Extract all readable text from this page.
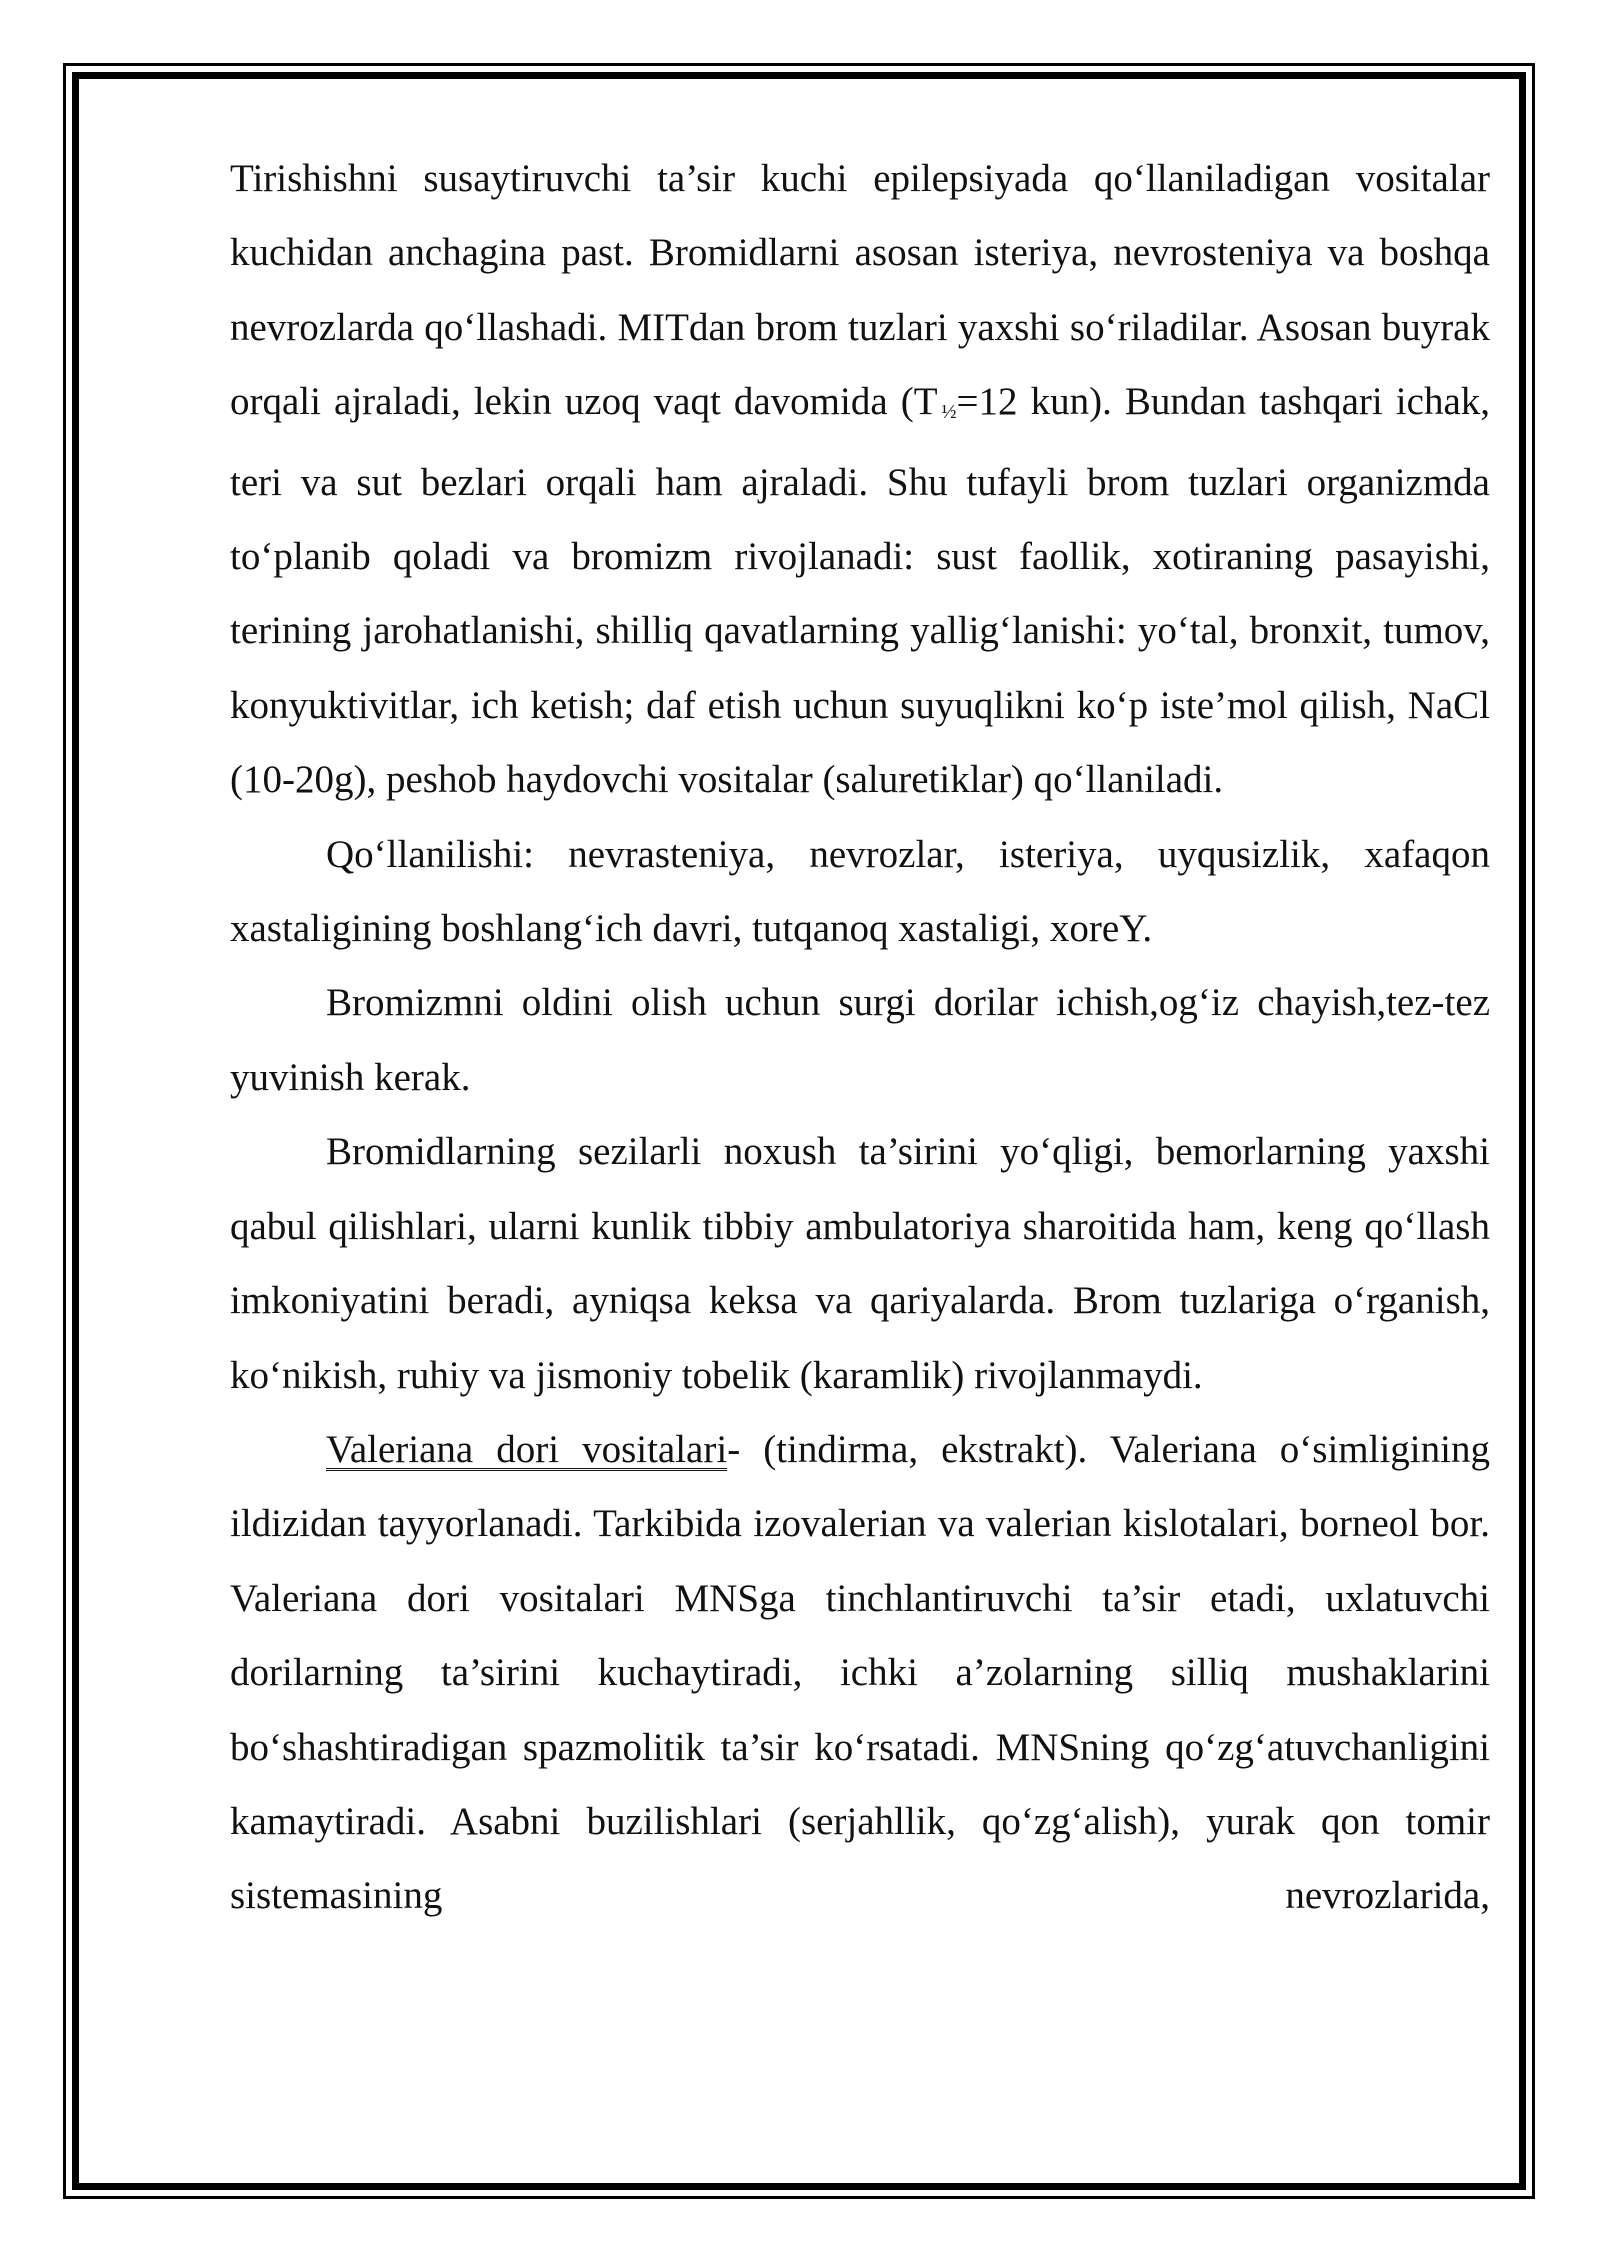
Tirishishni susaytiruvchi ta’sir kuchi epilepsiyada qo‘llaniladigan vositalar kuchidan anchagina past. Bromidlarni asosan isteriya, nevrosteniya va boshqa nevrozlarda qo‘llashadi. MITdan brom tuzlari yaxshi so‘riladilar. Asosan buyrak orqali ajraladi, lekin uzoq vaqt davomida (T ½=12 kun). Bundan tashqari ichak, teri va sut bezlari orqali ham ajraladi. Shu tufayli brom tuzlari organizmda to‘planib qoladi va bromizm rivojlanadi: sust faollik, xotiraning pasayishi, terining jarohatlanishi, shilliq qavatlarning yallig‘lanishi: yo‘tal, bronxit, tumov, konyuktivitlar, ich ketish; daf etish uchun suyuqlikni ko‘p iste’mol qilish, NaCl (10-20g), peshob haydovchi vositalar (saluretiklar) qo‘llaniladi.

Qo‘llanilishi: nevrasteniya, nevrozlar, isteriya, uyqusizlik, xafaqon xastaligining boshlang‘ich davri, tutqanoq xastaligi, xoreY.

Bromizmni oldini olish uchun surgi dorilar ichish,og‘iz chayish,tez-tez yuvinish kerak.

Bromidlarning sezilarli noxush ta’sirini yo‘qligi, bemorlarning yaxshi qabul qilishlari, ularni kunlik tibbiy ambulatoriya sharoitida ham, keng qo‘llash imkoniyatini beradi, ayniqsa keksa va qariyalarda. Brom tuzlariga o‘rganish, ko‘nikish, ruhiy va jismoniy tobelik (karamlik) rivojlanmaydi.

Valeriana dori vositalari- (tindirma, ekstrakt). Valeriana o‘simligining ildizidan tayyorlanadi. Tarkibida izovalerian va valerian kislotalari, borneol bor. Valeriana dori vositalari MNSga tinchlantiruvchi ta’sir etadi, uxlatuvchi dorilarning ta’sirini kuchaytiradi, ichki a’zolarning silliq mushaklarini bo‘shashtiradigan spazmolitik ta’sir ko‘rsatadi. MNSning qo‘zg‘atuvchanligini kamaytiradi. Asabni buzilishlari (serjahllik, qo‘zg‘alish), yurak qon tomir sistemasining nevrozlarida,
